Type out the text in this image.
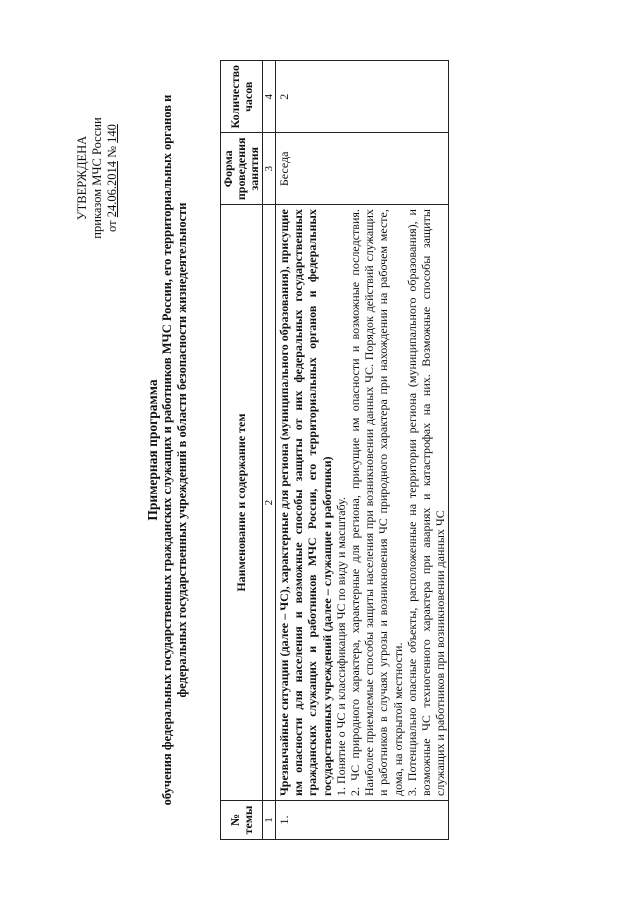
УТВЕРЖДЕНА приказом МЧС России от 24.06.2014 № 140
Примерная программа обучения федеральных государственных гражданских служащих и работников МЧС России, его территориальных органов и федеральных государственных учреждений в области безопасности жизнедеятельности
№ темы	Наименование и содержание тем	Форма проведения занятия	Количество часов
1	2	3	4
1.	Чрезвычайные ситуации (далее – ЧС), характерные для региона (муниципального образования), присущие им опасности для населения и возможные способы защиты от них федеральных государственных гражданских служащих и работников МЧС России, его территориальных органов и федеральных государственных учреждений (далее – служащие и работники) 1. Понятие о ЧС и классификация ЧС по виду и масштабу. 2. ЧС природного характера, характерные для региона, присущие им опасности и возможные последствия. Наиболее приемлемые способы защиты населения при возникновении данных ЧС. Порядок действий служащих и работников в случаях угрозы и возникновения ЧС природного характера при нахождении на рабочем месте, дома, на открытой местности. 3. Потенциально опасные объекты, расположенные на территории региона (муниципального образования), и возможные ЧС техногенного характера при авариях и катастрофах на них. Возможные способы защиты служащих и работников при возникновении данных ЧС	Беседа	2
